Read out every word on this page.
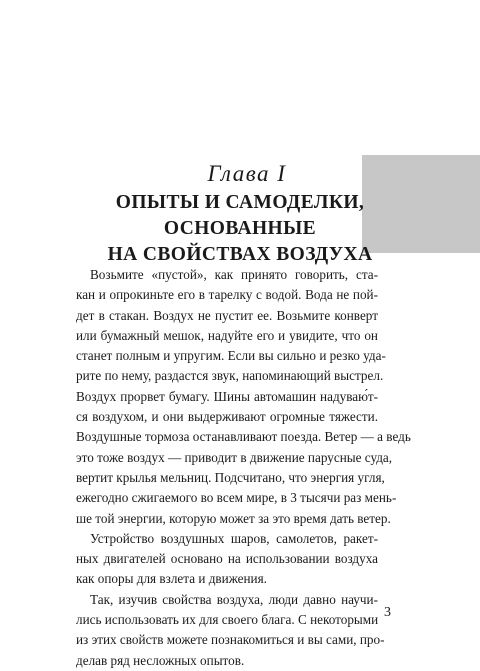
Глава I
ОПЫТЫ И САМОДЕЛКИ,
ОСНОВАННЫЕ
НА СВОЙСТВАХ ВОЗДУХА

Возьмите «пустой», как принято говорить, ста-
кан и опрокиньте его в тарелку с водой. Вода не пой-
дет в стакан. Воздух не пустит ее. Возьмите конверт
или бумажный мешок, надуйте его и увидите, что он
станет полным и упругим. Если вы сильно и резко уда-
рите по нему, раздастся звук, напоминающий выстрел.
Воздух прорвет бумагу. Шины автомашин надуваю́т-
ся воздухом, и они выдерживают огромные тяжести.
Воздушные тормоза останавливают поезда. Ветер — а ведь
это тоже воздух — приводит в движение парусные суда,
вертит крылья мельниц. Подсчитано, что энергия угля,
ежегодно сжигаемого во всем мире, в 3 тысячи раз мень-
ше той энергии, которую может за это время дать ветер.

Устройство воздушных шаров, самолетов, ракет-
ных двигателей основано на использовании воздуха
как опоры для взлета и движения.

Так, изучив свойства воздуха, люди давно научи-
лись использовать их для своего блага. С некоторыми
из этих свойств можете познакомиться и вы сами, про-
делав ряд несложных опытов.

3
